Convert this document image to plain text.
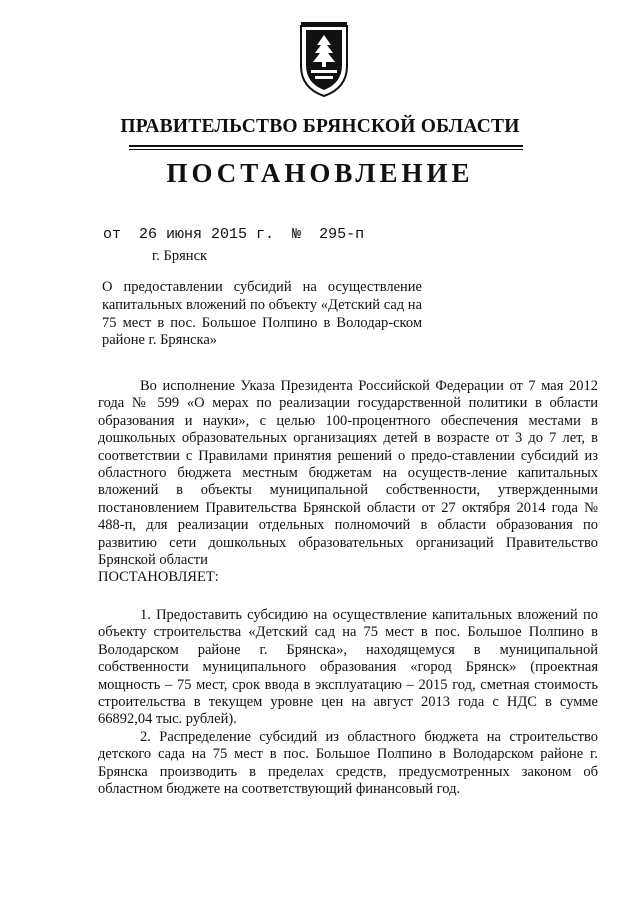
ПРАВИТЕЛЬСТВО БРЯНСКОЙ ОБЛАСТИ
ПОСТАНОВЛЕНИЕ
от 26 июня 2015 г. № 295-п
г. Брянск
О предоставлении субсидий на осуществление капитальных вложений по объекту «Детский сад на 75 мест в пос. Большое Полпино в Володар-ском районе г. Брянска»

Во исполнение Указа Президента Российской Федерации от 7 мая 2012 года № 599 «О мерах по реализации государственной политики в области образования и науки», с целью 100-процентного обеспечения местами в дошкольных образовательных организациях детей в возрасте от 3 до 7 лет, в соответствии с Правилами принятия решений о предо-ставлении субсидий из областного бюджета местным бюджетам на осуществ-ление капитальных вложений в объекты муниципальной собственности, утвержденными постановлением Правительства Брянской области от 27 октября 2014 года № 488-п, для реализации отдельных полномочий в области образования по развитию сети дошкольных образовательных организаций Правительство Брянской области

ПОСТАНОВЛЯЕТ:

1. Предоставить субсидию на осуществление капитальных вложений по объекту строительства «Детский сад на 75 мест в пос. Большое Полпино в Володарском районе г. Брянска», находящемуся в муниципальной собственности муниципального образования «город Брянск» (проектная мощность – 75 мест, срок ввода в эксплуатацию – 2015 год, сметная стоимость строительства в текущем уровне цен на август 2013 года с НДС в сумме 66892,04 тыс. рублей).

2. Распределение субсидий из областного бюджета на строительство детского сада на 75 мест в пос. Большое Полпино в Володарском районе г. Брянска производить в пределах средств, предусмотренных законом об областном бюджете на соответствующий финансовый год.
